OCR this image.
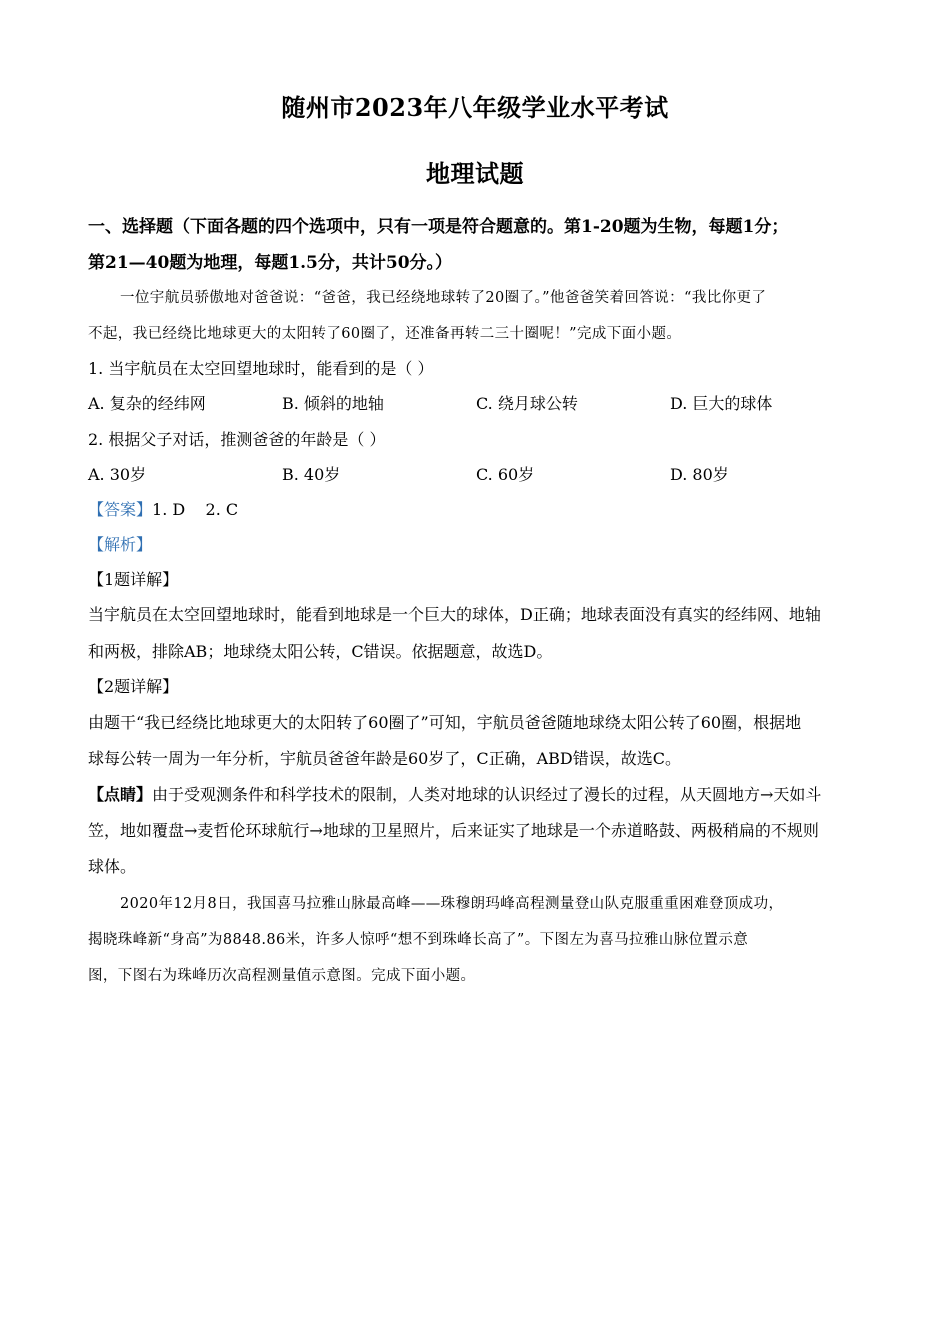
随州市2023年八年级学业水平考试
地理试题
一、选择题（下面各题的四个选项中，只有一项是符合题意的。第1-20题为生物，每题1分；
第21—40题为地理，每题1.5分，共计50分。）
一位宇航员骄傲地对爸爸说：“爸爸，我已经绕地球转了20圈了。”他爸爸笑着回答说：“我比你更了
不起，我已经绕比地球更大的太阳转了60圈了，还准备再转二三十圈呢！”完成下面小题。
1. 当宇航员在太空回望地球时，能看到的是（ ）
A. 复杂的经纬网	B. 倾斜的地轴	C. 绕月球公转	D. 巨大的球体
2. 根据父子对话，推测爸爸的年龄是（ ）
A. 30岁	B. 40岁	C. 60岁	D. 80岁
【答案】1. D    2. C
【解析】
【1题详解】
当宇航员在太空回望地球时，能看到地球是一个巨大的球体，D正确；地球表面没有真实的经纬网、地轴
和两极，排除AB；地球绕太阳公转，C错误。依据题意，故选D。
【2题详解】
由题干“我已经绕比地球更大的太阳转了60圈了”可知，宇航员爸爸随地球绕太阳公转了60圈，根据地
球每公转一周为一年分析，宇航员爸爸年龄是60岁了，C正确，ABD错误，故选C。
【点睛】由于受观测条件和科学技术的限制，人类对地球的认识经过了漫长的过程，从天圆地方→天如斗
笠，地如覆盘→麦哲伦环球航行→地球的卫星照片，后来证实了地球是一个赤道略鼓、两极稍扁的不规则
球体。
2020年12月8日，我国喜马拉雅山脉最高峰——珠穆朗玛峰高程测量登山队克服重重困难登顶成功，
揭晓珠峰新“身高”为8848.86米，许多人惊呼“想不到珠峰长高了”。下图左为喜马拉雅山脉位置示意
图，下图右为珠峰历次高程测量值示意图。完成下面小题。
